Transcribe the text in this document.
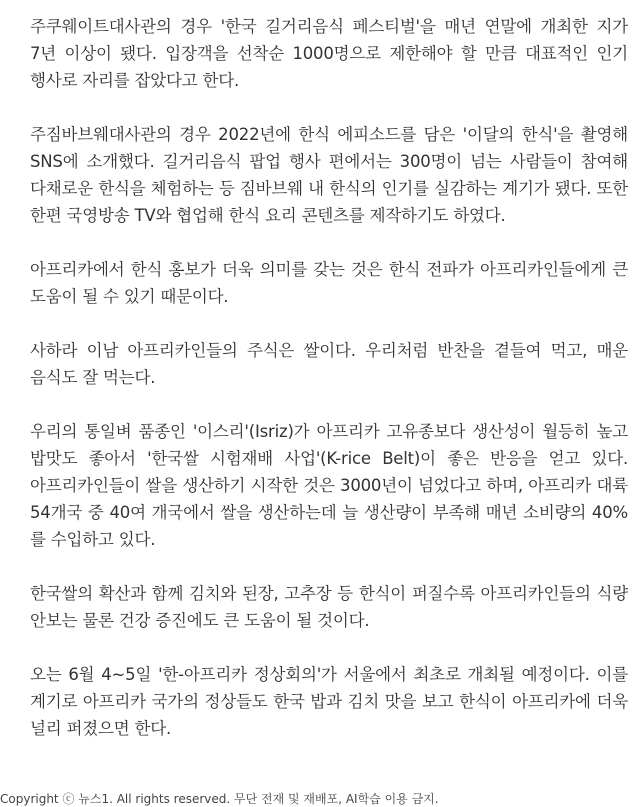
주쿠웨이트대사관의 경우 '한국 길거리음식 페스티벌'을 매년 연말에 개최한 지가 7년 이상이 됐다. 입장객을 선착순 1000명으로 제한해야 할 만큼 대표적인 인기 행사로 자리를 잡았다고 한다.

주짐바브웨대사관의 경우 2022년에 한식 에피소드를 담은 '이달의 한식'을 촬영해 SNS에 소개했다. 길거리음식 팝업 행사 편에서는 300명이 넘는 사람들이 참여해 다채로운 한식을 체험하는 등 짐바브웨 내 한식의 인기를 실감하는 계기가 됐다. 또한 한편 국영방송 TV와 협업해 한식 요리 콘텐츠를 제작하기도 하였다.

아프리카에서 한식 홍보가 더욱 의미를 갖는 것은 한식 전파가 아프리카인들에게 큰 도움이 될 수 있기 때문이다.

사하라 이남 아프리카인들의 주식은 쌀이다. 우리처럼 반찬을 곁들여 먹고, 매운 음식도 잘 먹는다.

우리의 통일벼 품종인 '이스리'(Isriz)가 아프리카 고유종보다 생산성이 월등히 높고 밥맛도 좋아서 '한국쌀 시험재배 사업'(K-rice Belt)이 좋은 반응을 얻고 있다. 아프리카인들이 쌀을 생산하기 시작한 것은 3000년이 넘었다고 하며, 아프리카 대륙 54개국 중 40여 개국에서 쌀을 생산하는데 늘 생산량이 부족해 매년 소비량의 40%를 수입하고 있다.

한국쌀의 확산과 함께 김치와 된장, 고추장 등 한식이 퍼질수록 아프리카인들의 식량 안보는 물론 건강 증진에도 큰 도움이 될 것이다.

오는 6월 4~5일 '한-아프리카 정상회의'가 서울에서 최초로 개최될 예정이다. 이를 계기로 아프리카 국가의 정상들도 한국 밥과 김치 맛을 보고 한식이 아프리카에 더욱 널리 퍼졌으면 한다.

Copyright ⓒ 뉴스1. All rights reserved. 무단 전재 및 재배포, AI학습 이용 금지.
